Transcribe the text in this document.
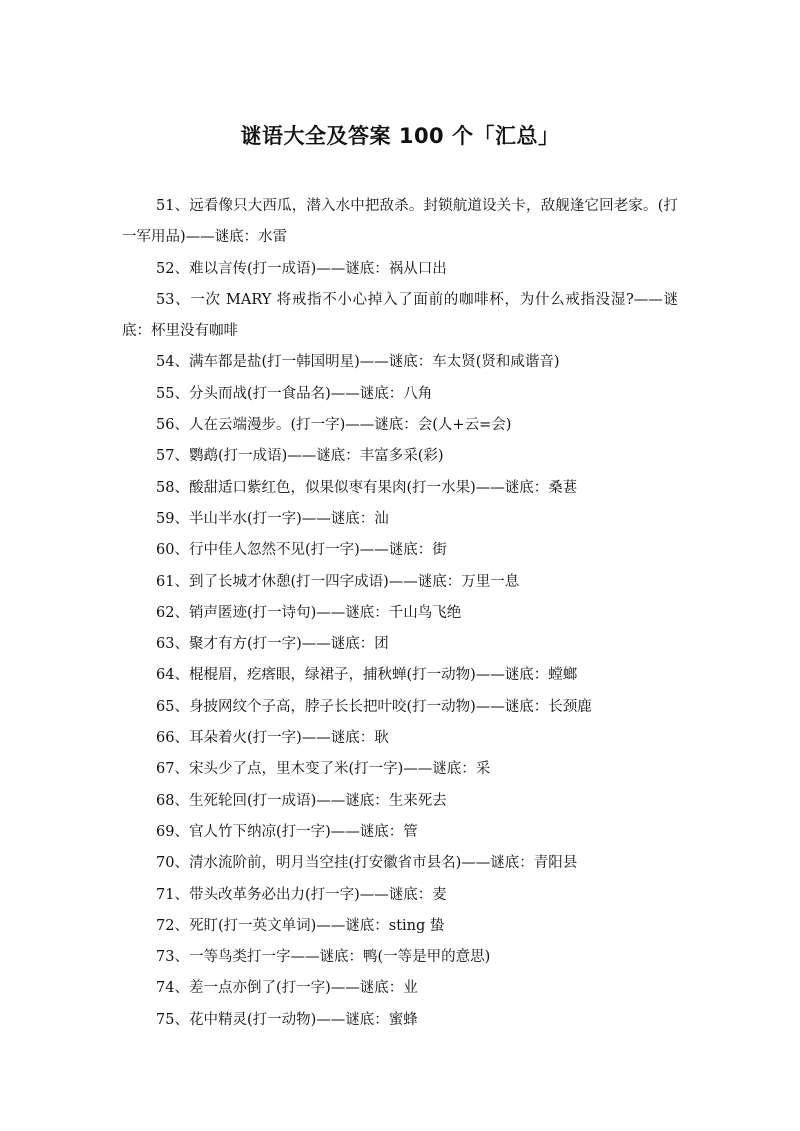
谜语大全及答案 100 个「汇总」

51、远看像只大西瓜，潜入水中把敌杀。封锁航道设关卡，敌舰逢它回老家。(打一军用品)——谜底：水雷

52、难以言传(打一成语)——谜底：祸从口出

53、一次 MARY 将戒指不小心掉入了面前的咖啡杯，为什么戒指没湿?——谜底：杯里没有咖啡

54、满车都是盐(打一韩国明星)——谜底：车太贤(贤和咸谐音)

55、分头而战(打一食品名)——谜底：八角

56、人在云端漫步。(打一字)——谜底：会(人+云=会)

57、鹦鹉(打一成语)——谜底：丰富多采(彩)

58、酸甜适口紫红色，似果似枣有果肉(打一水果)——谜底：桑葚

59、半山半水(打一字)——谜底：汕

60、行中佳人忽然不见(打一字)——谜底：街

61、到了长城才休憩(打一四字成语)——谜底：万里一息

62、销声匿迹(打一诗句)——谜底：千山鸟飞绝

63、聚才有方(打一字)——谜底：团

64、棍棍眉，疙瘩眼，绿裙子，捕秋蝉(打一动物)——谜底：螳螂

65、身披网纹个子高，脖子长长把叶咬(打一动物)——谜底：长颈鹿

66、耳朵着火(打一字)——谜底：耿

67、宋头少了点，里木变了米(打一字)——谜底：采

68、生死轮回(打一成语)——谜底：生来死去

69、官人竹下纳凉(打一字)——谜底：管

70、清水流阶前，明月当空挂(打安徽省市县名)——谜底：青阳县

71、带头改革务必出力(打一字)——谜底：麦

72、死盯(打一英文单词)——谜底：sting 蛰

73、一等鸟类打一字——谜底：鸭(一等是甲的意思)

74、差一点亦倒了(打一字)——谜底：业

75、花中精灵(打一动物)——谜底：蜜蜂
